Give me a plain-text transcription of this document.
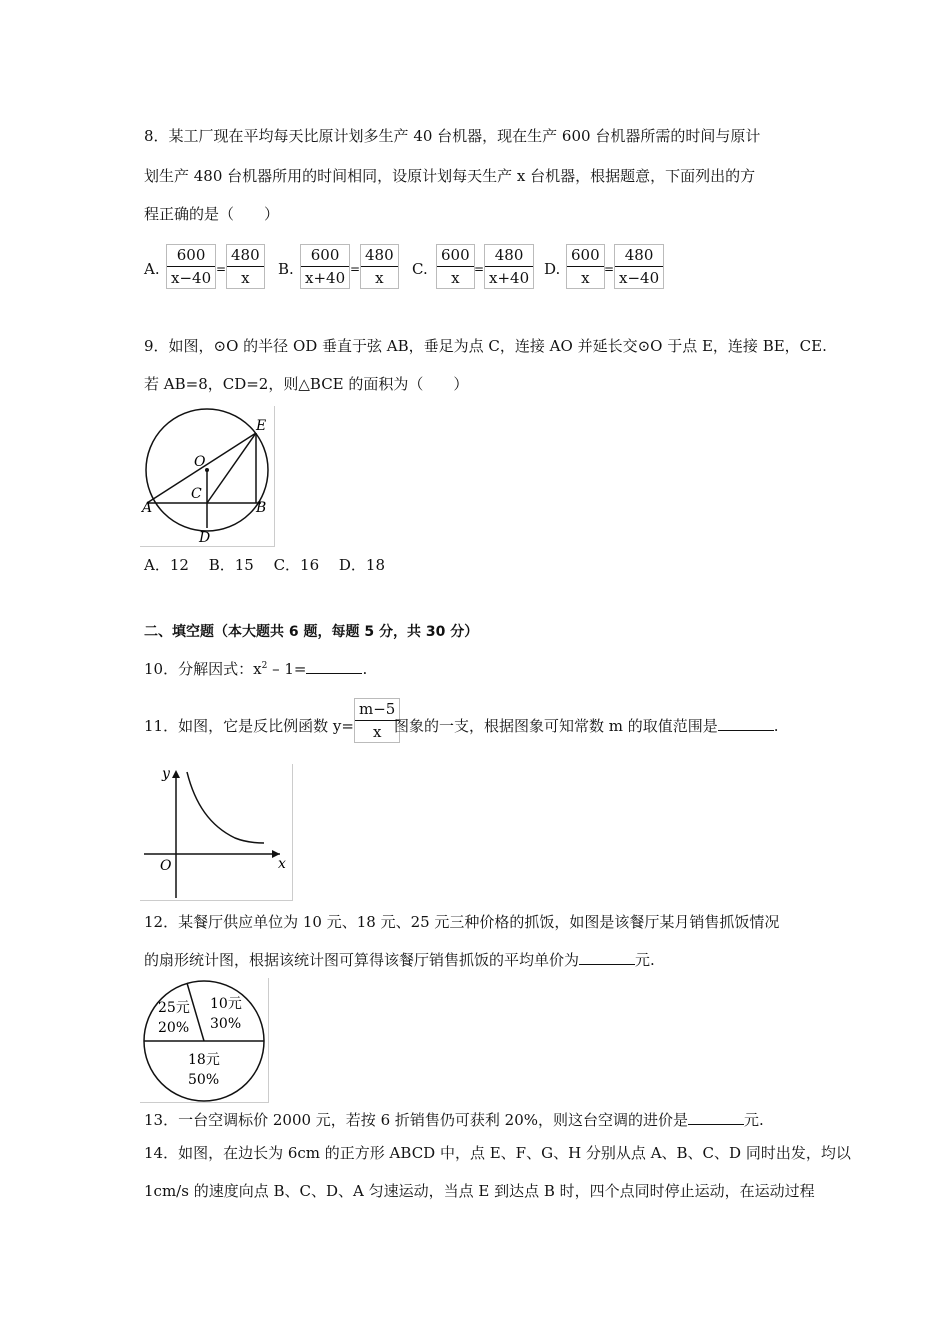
8．某工厂现在平均每天比原计划多生产 40 台机器，现在生产 600 台机器所需的时间与原计
划生产 480 台机器所用的时间相同，设原计划每天生产 x 台机器，根据题意，下面列出的方
程正确的是（　　）
A. $\frac{600}{x-40} = \frac{480}{x} B$. $\frac{600}{x+40} = \frac{480}{x} C$. $\frac{600}{x} = \frac{480}{x+40} D$. $\frac{600}{x} = \frac{480}{x-40}$
9．如图，⊙O 的半径 OD 垂直于弦 AB，垂足为点 C，连接 AO 并延长交⊙O 于点 E，连接 BE，CE.
若 AB=8，CD=2，则△BCE 的面积为（　　）
E
O
C
A	B
D
A．12　 B．15　 C．16　 D．18
二、填空题（本大题共 6 题，每题 5 分，共 30 分）
10．分解因式：$x^2 - 1=$	.
11．如图，它是反比例函数 $y= \frac{m-5}{x}$
图象的一支，根据图象可知常数 m 的取值范围是	.
y
x
O
12．某餐厅供应单位为 10 元、18 元、25 元三种价格的抓饭，如图是该餐厅某月销售抓饭情况
的扇形统计图，根据该统计图可算得该餐厅销售抓饭的平均单价为	元.
10元
30%
25元
20%
18元
50%
13．一台空调标价 2000 元，若按 6 折销售仍可获利 20%，则这台空调的进价是	元.
14．如图，在边长为 6cm 的正方形 ABCD 中，点 E、F、G、H 分别从点 A、B、C、D 同时出发，均以
1cm/s 的速度向点 B、C、D、A 匀速运动，当点 E 到达点 B 时，四个点同时停止运动，在运动过程
